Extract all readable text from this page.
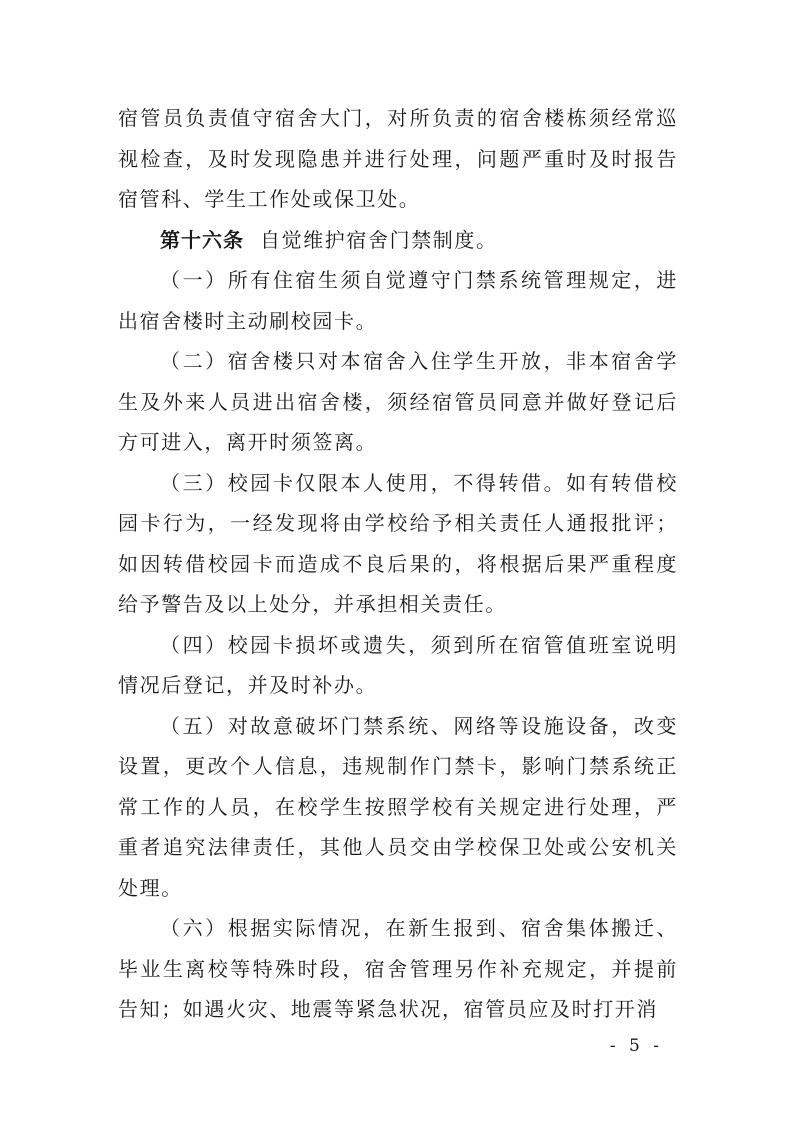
宿管员负责值守宿舍大门，对所负责的宿舍楼栋须经常巡视检查，及时发现隐患并进行处理，问题严重时及时报告宿管科、学生工作处或保卫处。

第十六条 自觉维护宿舍门禁制度。

（一）所有住宿生须自觉遵守门禁系统管理规定，进出宿舍楼时主动刷校园卡。

（二）宿舍楼只对本宿舍入住学生开放，非本宿舍学生及外来人员进出宿舍楼，须经宿管员同意并做好登记后方可进入，离开时须签离。

（三）校园卡仅限本人使用，不得转借。如有转借校园卡行为，一经发现将由学校给予相关责任人通报批评；如因转借校园卡而造成不良后果的，将根据后果严重程度给予警告及以上处分，并承担相关责任。

（四）校园卡损坏或遗失，须到所在宿管值班室说明情况后登记，并及时补办。

（五）对故意破坏门禁系统、网络等设施设备，改变设置，更改个人信息，违规制作门禁卡，影响门禁系统正常工作的人员，在校学生按照学校有关规定进行处理，严重者追究法律责任，其他人员交由学校保卫处或公安机关处理。

（六）根据实际情况，在新生报到、宿舍集体搬迁、毕业生离校等特殊时段，宿舍管理另作补充规定，并提前告知；如遇火灾、地震等紧急状况，宿管员应及时打开消

- 5 -
